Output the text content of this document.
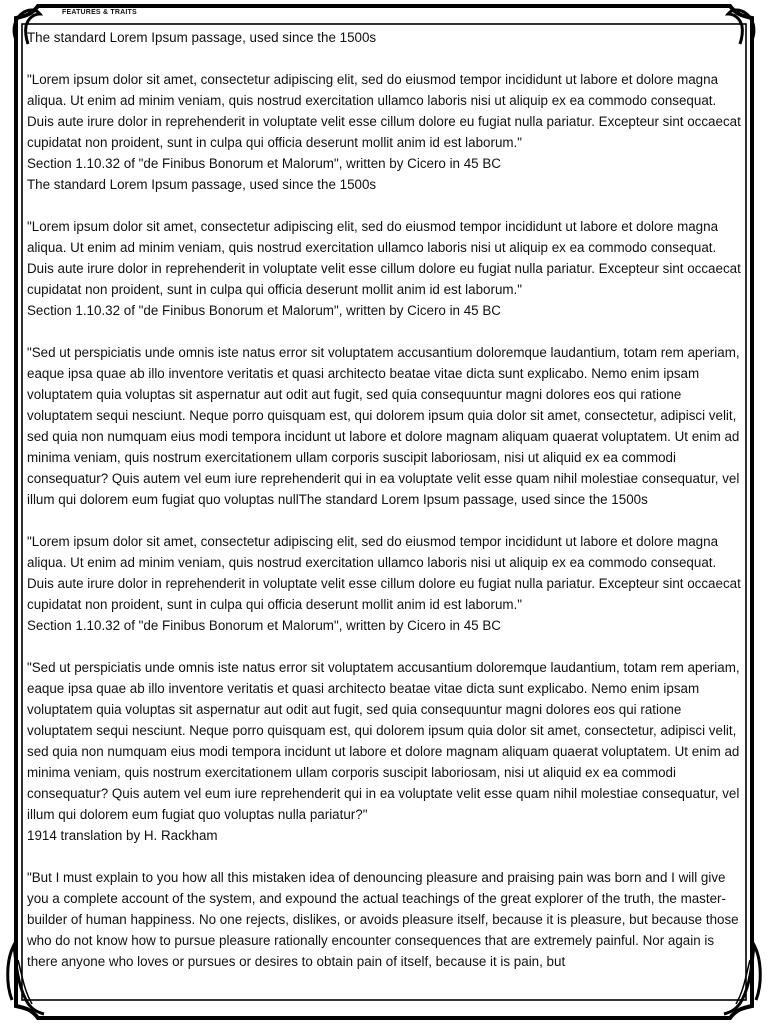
FEATURES & TRAITS

The standard Lorem Ipsum passage, used since the 1500s

"Lorem ipsum dolor sit amet, consectetur adipiscing elit, sed do eiusmod tempor incididunt ut labore et dolore magna aliqua. Ut enim ad minim veniam, quis nostrud exercitation ullamco laboris nisi ut aliquip ex ea commodo consequat. Duis aute irure dolor in reprehenderit in voluptate velit esse cillum dolore eu fugiat nulla pariatur. Excepteur sint occaecat cupidatat non proident, sunt in culpa qui officia deserunt mollit anim id est laborum."

Section 1.10.32 of "de Finibus Bonorum et Malorum", written by Cicero in 45 BC

The standard Lorem Ipsum passage, used since the 1500s

"Lorem ipsum dolor sit amet, consectetur adipiscing elit, sed do eiusmod tempor incididunt ut labore et dolore magna aliqua. Ut enim ad minim veniam, quis nostrud exercitation ullamco laboris nisi ut aliquip ex ea commodo consequat. Duis aute irure dolor in reprehenderit in voluptate velit esse cillum dolore eu fugiat nulla pariatur. Excepteur sint occaecat cupidatat non proident, sunt in culpa qui officia deserunt mollit anim id est laborum."

Section 1.10.32 of "de Finibus Bonorum et Malorum", written by Cicero in 45 BC

"Sed ut perspiciatis unde omnis iste natus error sit voluptatem accusantium doloremque laudantium, totam rem aperiam, eaque ipsa quae ab illo inventore veritatis et quasi architecto beatae vitae dicta sunt explicabo. Nemo enim ipsam voluptatem quia voluptas sit aspernatur aut odit aut fugit, sed quia consequuntur magni dolores eos qui ratione voluptatem sequi nesciunt. Neque porro quisquam est, qui dolorem ipsum quia dolor sit amet, consectetur, adipisci velit, sed quia non numquam eius modi tempora incidunt ut labore et dolore magnam aliquam quaerat voluptatem. Ut enim ad minima veniam, quis nostrum exercitationem ullam corporis suscipit laboriosam, nisi ut aliquid ex ea commodi consequatur? Quis autem vel eum iure reprehenderit qui in ea voluptate velit esse quam nihil molestiae consequatur, vel illum qui dolorem eum fugiat quo voluptas nullThe standard Lorem Ipsum passage, used since the 1500s

"Lorem ipsum dolor sit amet, consectetur adipiscing elit, sed do eiusmod tempor incididunt ut labore et dolore magna aliqua. Ut enim ad minim veniam, quis nostrud exercitation ullamco laboris nisi ut aliquip ex ea commodo consequat. Duis aute irure dolor in reprehenderit in voluptate velit esse cillum dolore eu fugiat nulla pariatur. Excepteur sint occaecat cupidatat non proident, sunt in culpa qui officia deserunt mollit anim id est laborum."

Section 1.10.32 of "de Finibus Bonorum et Malorum", written by Cicero in 45 BC

"Sed ut perspiciatis unde omnis iste natus error sit voluptatem accusantium doloremque laudantium, totam rem aperiam, eaque ipsa quae ab illo inventore veritatis et quasi architecto beatae vitae dicta sunt explicabo. Nemo enim ipsam voluptatem quia voluptas sit aspernatur aut odit aut fugit, sed quia consequuntur magni dolores eos qui ratione voluptatem sequi nesciunt. Neque porro quisquam est, qui dolorem ipsum quia dolor sit amet, consectetur, adipisci velit, sed quia non numquam eius modi tempora incidunt ut labore et dolore magnam aliquam quaerat voluptatem. Ut enim ad minima veniam, quis nostrum exercitationem ullam corporis suscipit laboriosam, nisi ut aliquid ex ea commodi consequatur? Quis autem vel eum iure reprehenderit qui in ea voluptate velit esse quam nihil molestiae consequatur, vel illum qui dolorem eum fugiat quo voluptas nulla pariatur?"

1914 translation by H. Rackham

"But I must explain to you how all this mistaken idea of denouncing pleasure and praising pain was born and I will give you a complete account of the system, and expound the actual teachings of the great explorer of the truth, the master-builder of human happiness. No one rejects, dislikes, or avoids pleasure itself, because it is pleasure, but because those who do not know how to pursue pleasure rationally encounter consequences that are extremely painful. Nor again is there anyone who loves or pursues or desires to obtain pain of itself, because it is pain, but
